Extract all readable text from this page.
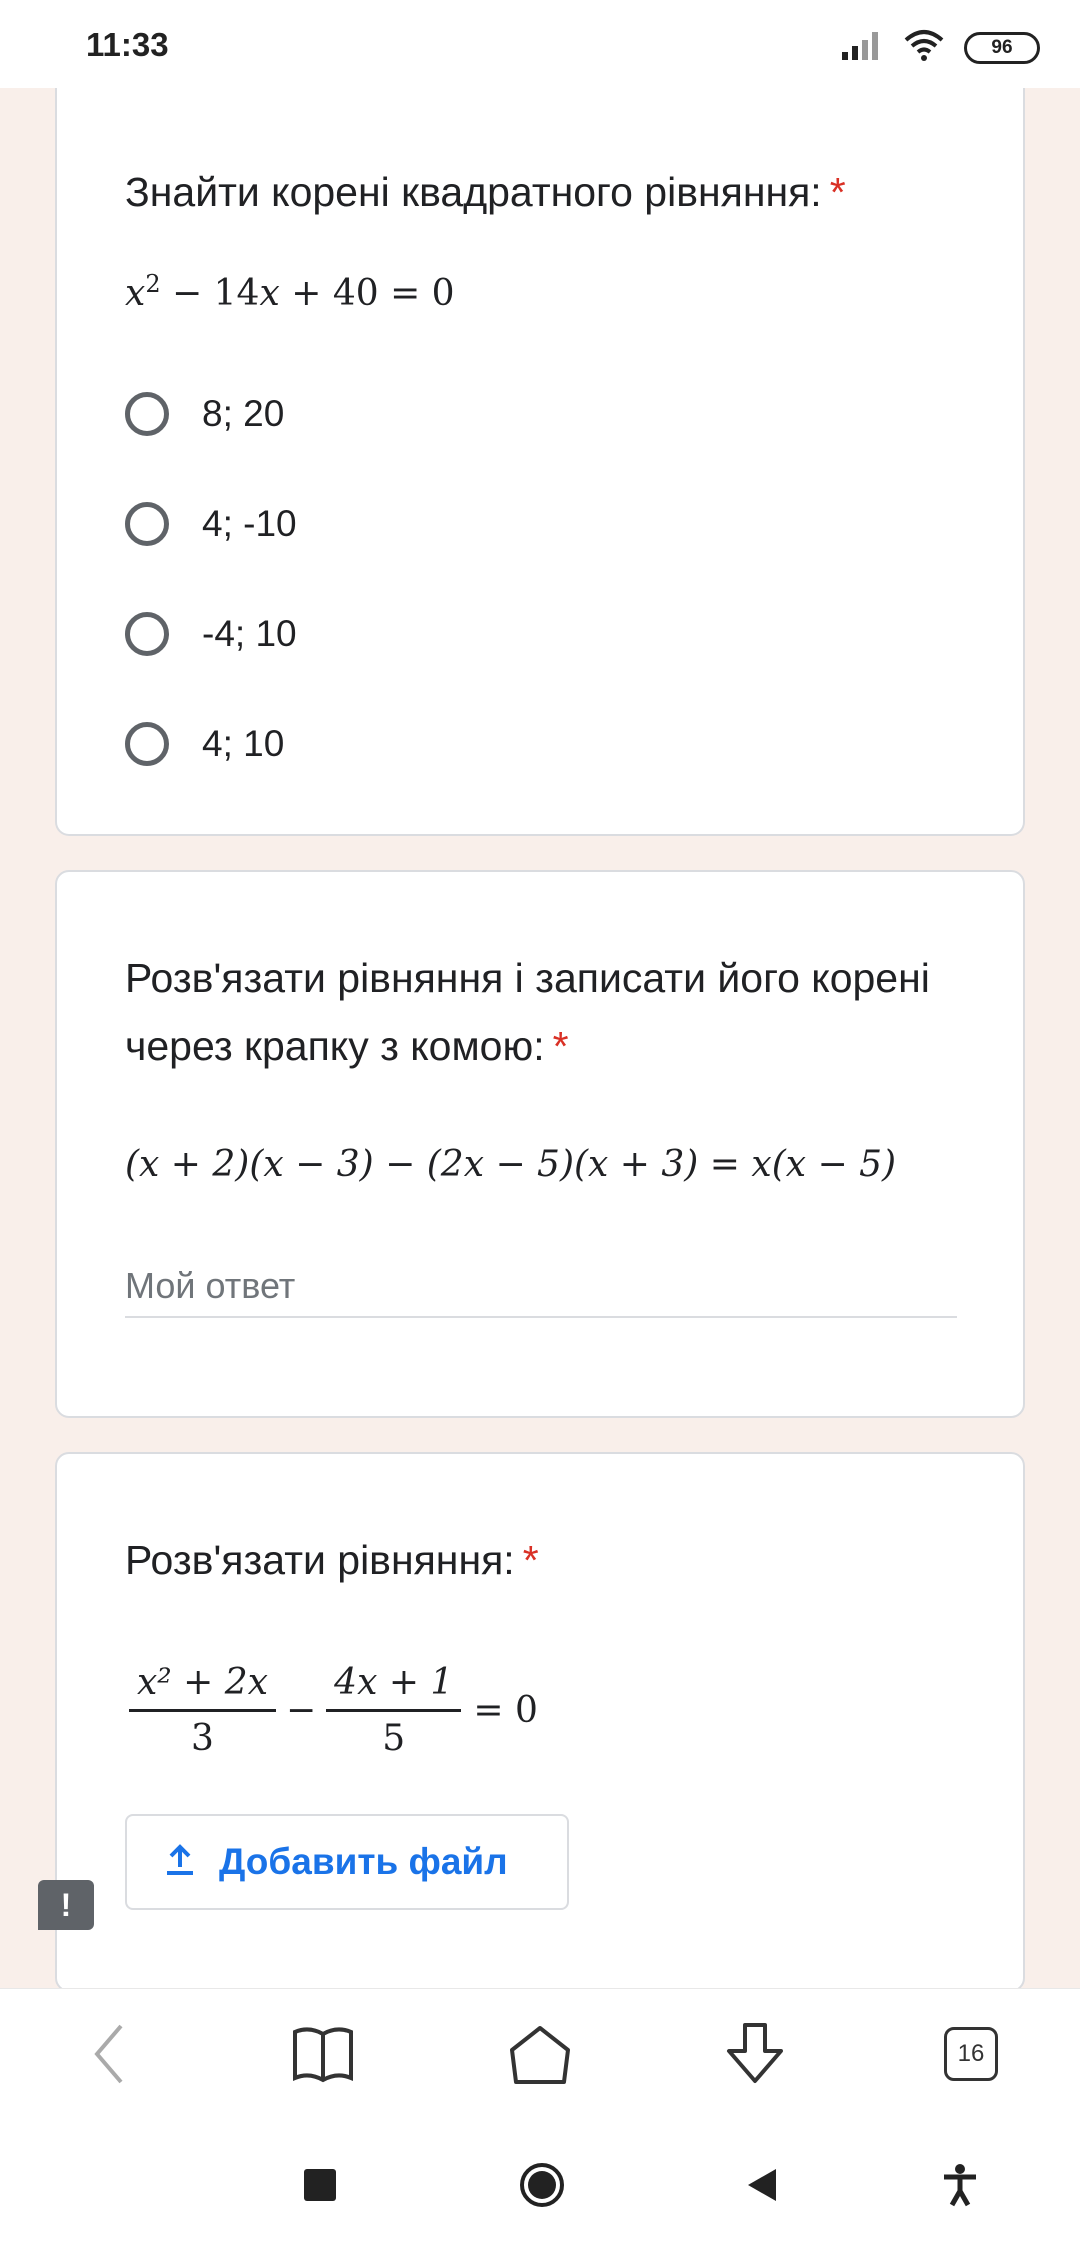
11:33	96
Знайти корені квадратного рівняння: *
$x^2 - 14x + 40 = 0$
8; 20
4; -10
-4; 10
4; 10
Розв'язати рівняння і записати його корені через крапку з комою: *
(x + 2)(x − 3) − (2x − 5)(x + 3) = x(x − 5)
Мой ответ
Розв'язати рівняння: *
$\frac{\text{x² + 2x}}{3} - \frac{4x + 1}{5} = 0$
Добавить файл
!
16
